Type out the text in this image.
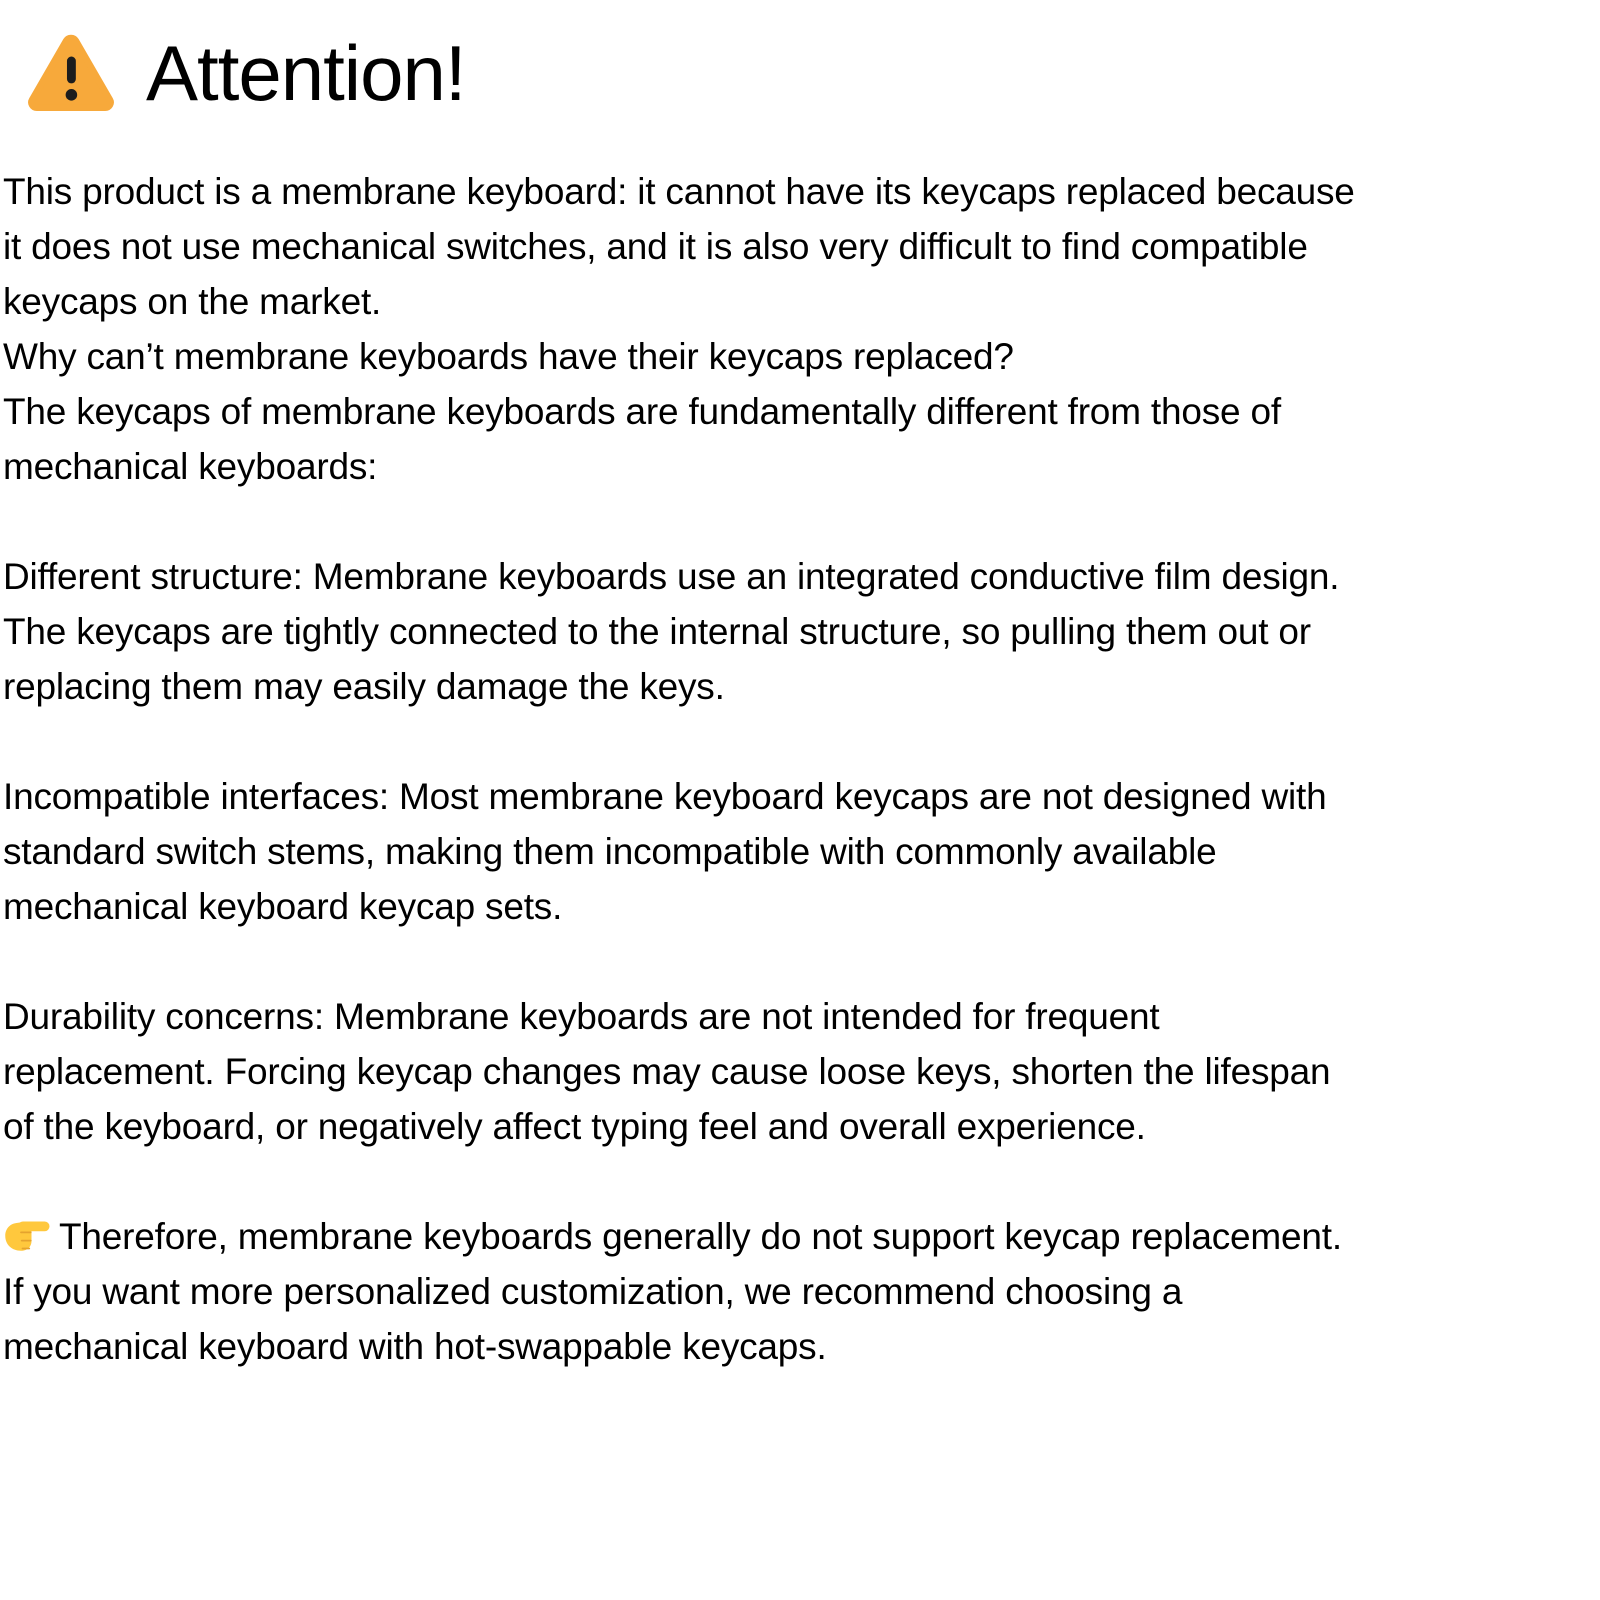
Attention!
This product is a membrane keyboard: it cannot have its keycaps replaced because
it does not use mechanical switches, and it is also very difficult to find compatible
keycaps on the market.
Why can’t membrane keyboards have their keycaps replaced?
The keycaps of membrane keyboards are fundamentally different from those of
mechanical keyboards:
Different structure: Membrane keyboards use an integrated conductive film design.
The keycaps are tightly connected to the internal structure, so pulling them out or
replacing them may easily damage the keys.
Incompatible interfaces: Most membrane keyboard keycaps are not designed with
standard switch stems, making them incompatible with commonly available
mechanical keyboard keycap sets.
Durability concerns: Membrane keyboards are not intended for frequent
replacement. Forcing keycap changes may cause loose keys, shorten the lifespan
of the keyboard, or negatively affect typing feel and overall experience.
Therefore, membrane keyboards generally do not support keycap replacement.
If you want more personalized customization, we recommend choosing a
mechanical keyboard with hot-swappable keycaps.
